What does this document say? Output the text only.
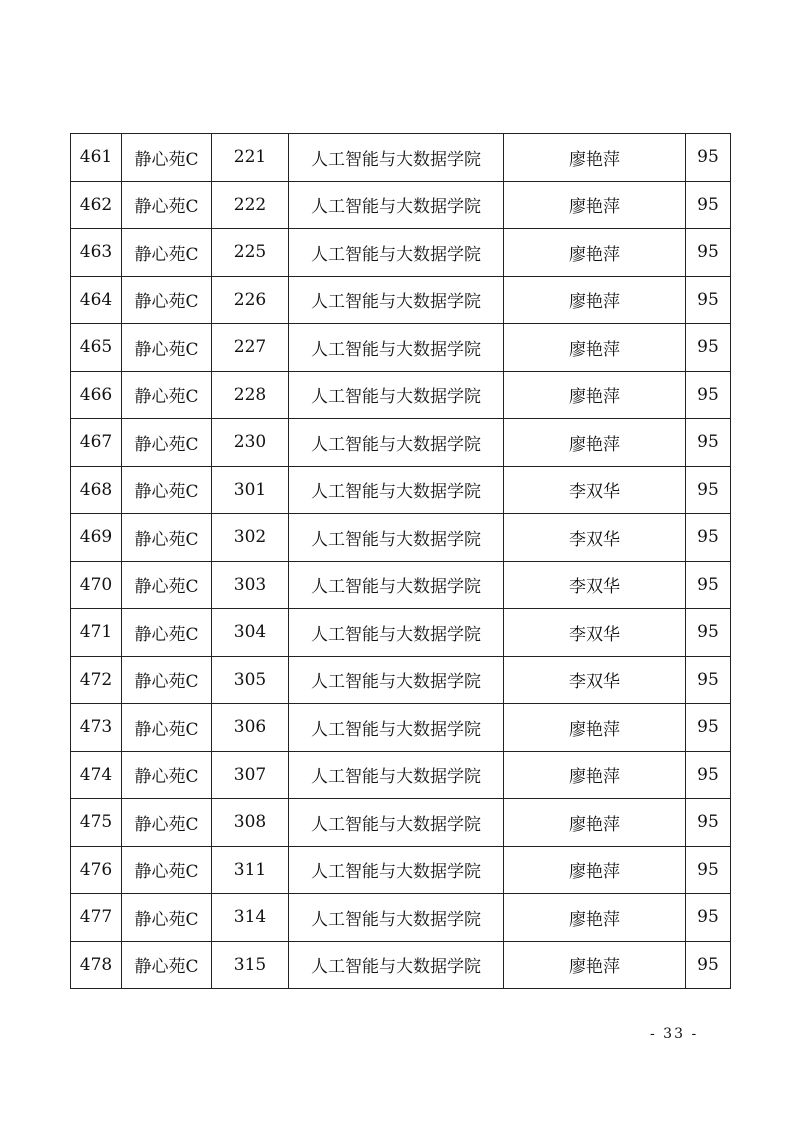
461	静心苑C	221	人工智能与大数据学院	廖艳萍	95
462	静心苑C	222	人工智能与大数据学院	廖艳萍	95
463	静心苑C	225	人工智能与大数据学院	廖艳萍	95
464	静心苑C	226	人工智能与大数据学院	廖艳萍	95
465	静心苑C	227	人工智能与大数据学院	廖艳萍	95
466	静心苑C	228	人工智能与大数据学院	廖艳萍	95
467	静心苑C	230	人工智能与大数据学院	廖艳萍	95
468	静心苑C	301	人工智能与大数据学院	李双华	95
469	静心苑C	302	人工智能与大数据学院	李双华	95
470	静心苑C	303	人工智能与大数据学院	李双华	95
471	静心苑C	304	人工智能与大数据学院	李双华	95
472	静心苑C	305	人工智能与大数据学院	李双华	95
473	静心苑C	306	人工智能与大数据学院	廖艳萍	95
474	静心苑C	307	人工智能与大数据学院	廖艳萍	95
475	静心苑C	308	人工智能与大数据学院	廖艳萍	95
476	静心苑C	311	人工智能与大数据学院	廖艳萍	95
477	静心苑C	314	人工智能与大数据学院	廖艳萍	95
478	静心苑C	315	人工智能与大数据学院	廖艳萍	95
- 33 -
